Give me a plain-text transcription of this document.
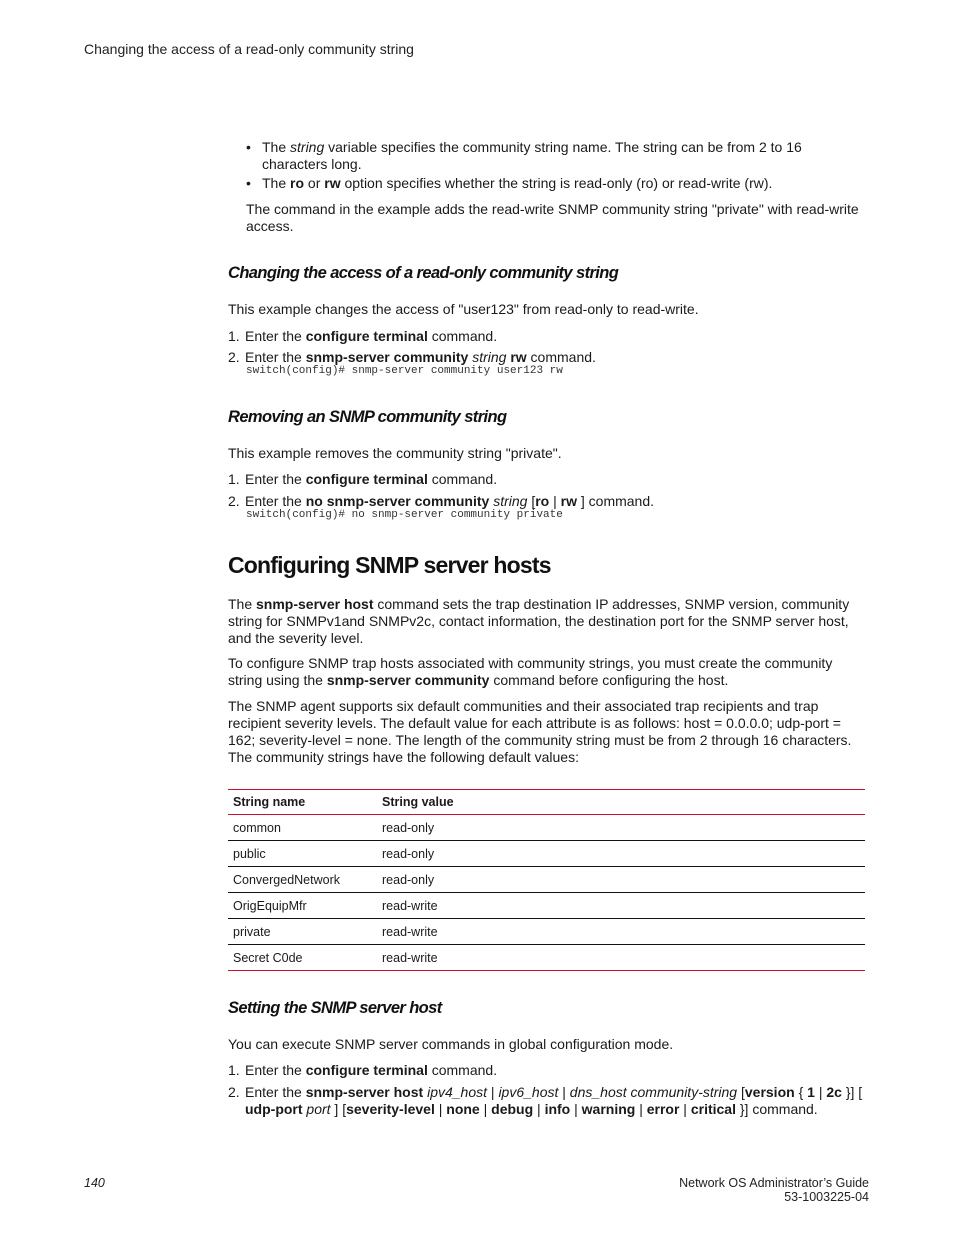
Changing the access of a read-only community string
• The string variable specifies the community string name. The string can be from 2 to 16
characters long.
• The ro or rw option specifies whether the string is read-only (ro) or read-write (rw).
The command in the example adds the read-write SNMP community string "private" with read-write
access.
Changing the access of a read-only community string
This example changes the access of "user123" from read-only to read-write.
1. Enter the configure terminal command.
2. Enter the snmp-server community string rw command.
switch(config)# snmp-server community user123 rw
Removing an SNMP community string
This example removes the community string "private".
1. Enter the configure terminal command.
2. Enter the no snmp-server community string [ro | rw ] command.
switch(config)# no snmp-server community private
Configuring SNMP server hosts
The snmp-server host command sets the trap destination IP addresses, SNMP version, community
string for SNMPv1and SNMPv2c, contact information, the destination port for the SNMP server host,
and the severity level.
To configure SNMP trap hosts associated with community strings, you must create the community
string using the snmp-server community command before configuring the host.
The SNMP agent supports six default communities and their associated trap recipients and trap
recipient severity levels. The default value for each attribute is as follows: host = 0.0.0.0; udp-port =
162; severity-level = none. The length of the community string must be from 2 through 16 characters.
The community strings have the following default values:
String name	String value
common	read-only
public	read-only
ConvergedNetwork	read-only
OrigEquipMfr	read-write
private	read-write
Secret C0de	read-write
Setting the SNMP server host
You can execute SNMP server commands in global configuration mode.
1. Enter the configure terminal command.
2. Enter the snmp-server host ipv4_host | ipv6_host | dns_host community-string [version { 1 | 2c }] [
udp-port port ] [severity-level | none | debug | info | warning | error | critical }] command.
140	Network OS Administrator’s Guide
53-1003225-04
